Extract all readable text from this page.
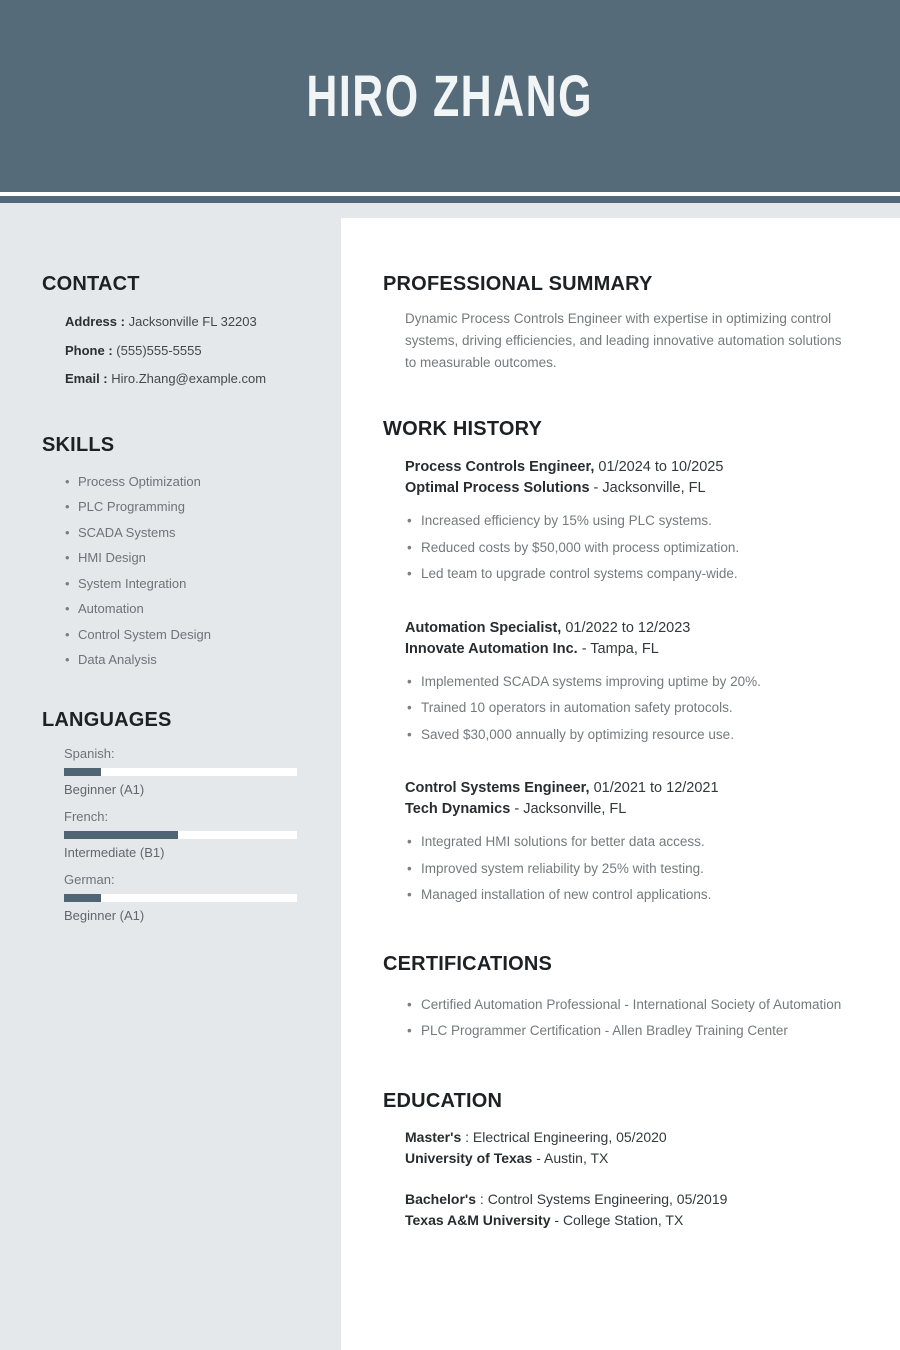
HIRO ZHANG
CONTACT
Address : Jacksonville FL 32203
Phone : (555)555-5555
Email : Hiro.Zhang@example.com
SKILLS
• Process Optimization
• PLC Programming
• SCADA Systems
• HMI Design
• System Integration
• Automation
• Control System Design
• Data Analysis
LANGUAGES
Spanish:
Beginner (A1)
French:
Intermediate (B1)
German:
Beginner (A1)
PROFESSIONAL SUMMARY

Dynamic Process Controls Engineer with expertise in optimizing control systems, driving efficiencies, and leading innovative automation solutions to measurable outcomes.

WORK HISTORY
Process Controls Engineer, 01/2024 to 10/2025
Optimal Process Solutions - Jacksonville, FL
• Increased efficiency by 15% using PLC systems.
• Reduced costs by $50,000 with process optimization.
• Led team to upgrade control systems company-wide.
Automation Specialist, 01/2022 to 12/2023
Innovate Automation Inc. - Tampa, FL
• Implemented SCADA systems improving uptime by 20%.
• Trained 10 operators in automation safety protocols.
• Saved $30,000 annually by optimizing resource use.
Control Systems Engineer, 01/2021 to 12/2021
Tech Dynamics - Jacksonville, FL
• Integrated HMI solutions for better data access.
• Improved system reliability by 25% with testing.
• Managed installation of new control applications.
CERTIFICATIONS
• Certified Automation Professional - International Society of Automation
• PLC Programmer Certification - Allen Bradley Training Center
EDUCATION
Master's : Electrical Engineering, 05/2020
University of Texas - Austin, TX
Bachelor's : Control Systems Engineering, 05/2019
Texas A&M University - College Station, TX
